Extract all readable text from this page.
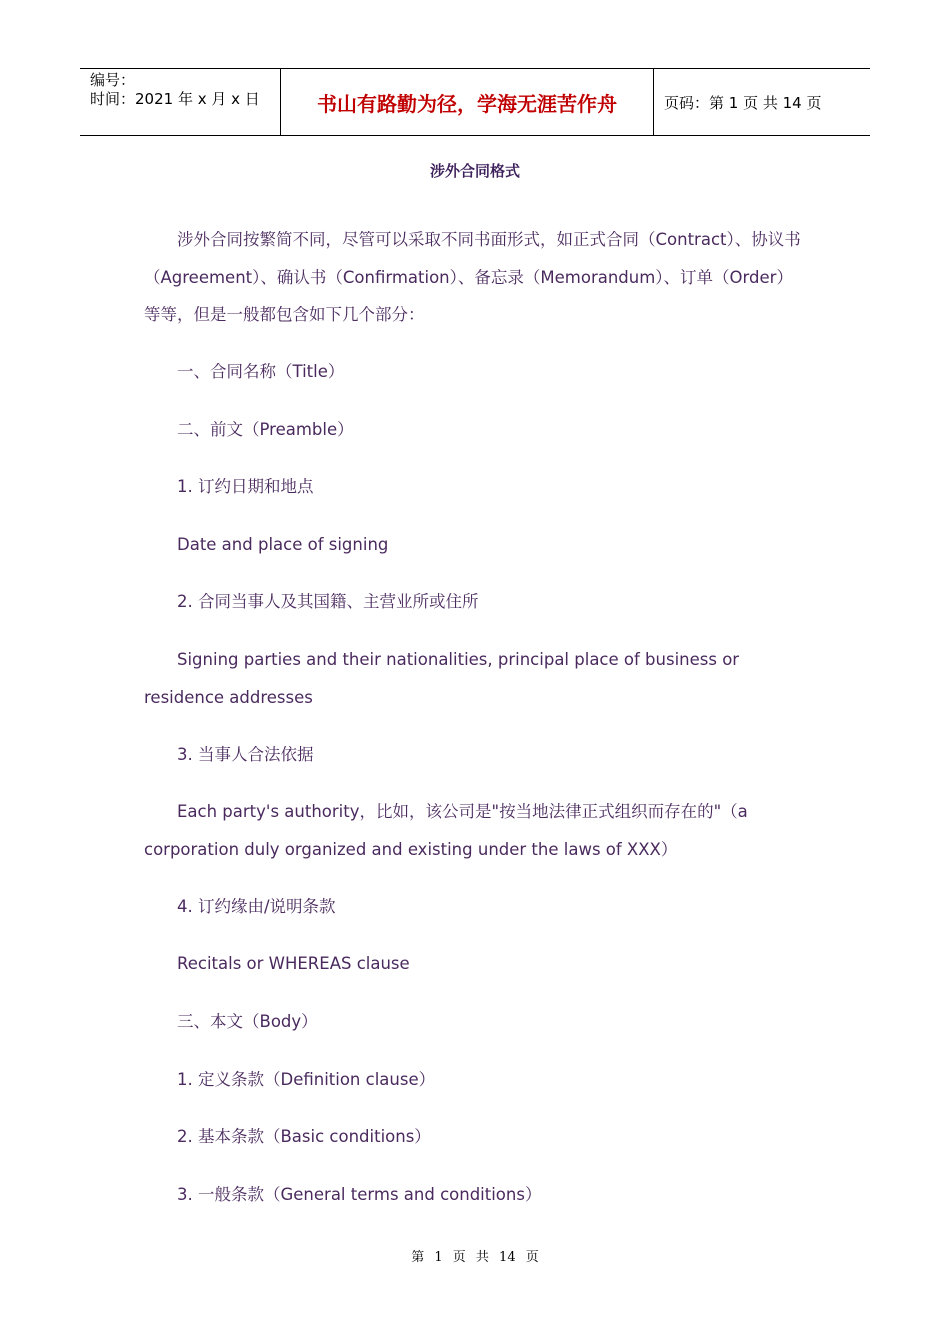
编号：
时间：2021 年 x 月 x 日	书山有路勤为径，学海无涯苦作舟	页码：第 1 页 共 14 页
涉外合同格式
涉外合同按繁简不同，尽管可以采取不同书面形式，如正式合同（Contract）、协议书（Agreement）、确认书（Confirmation）、备忘录（Memorandum）、订单（Order）等等，但是一般都包含如下几个部分：
一、合同名称（Title）
二、前文（Preamble）
1. 订约日期和地点
Date and place of signing
2. 合同当事人及其国籍、主营业所或住所
Signing parties and their nationalities, principal place of business or residence addresses
3. 当事人合法依据
Each party's authority，比如，该公司是"按当地法律正式组织而存在的"（a corporation duly organized and existing under the laws of XXX）
4. 订约缘由/说明条款
Recitals or WHEREAS clause
三、本文（Body）
1. 定义条款（Definition clause）
2. 基本条款（Basic conditions）
3. 一般条款（General terms and conditions）
第 1 页 共 14 页
